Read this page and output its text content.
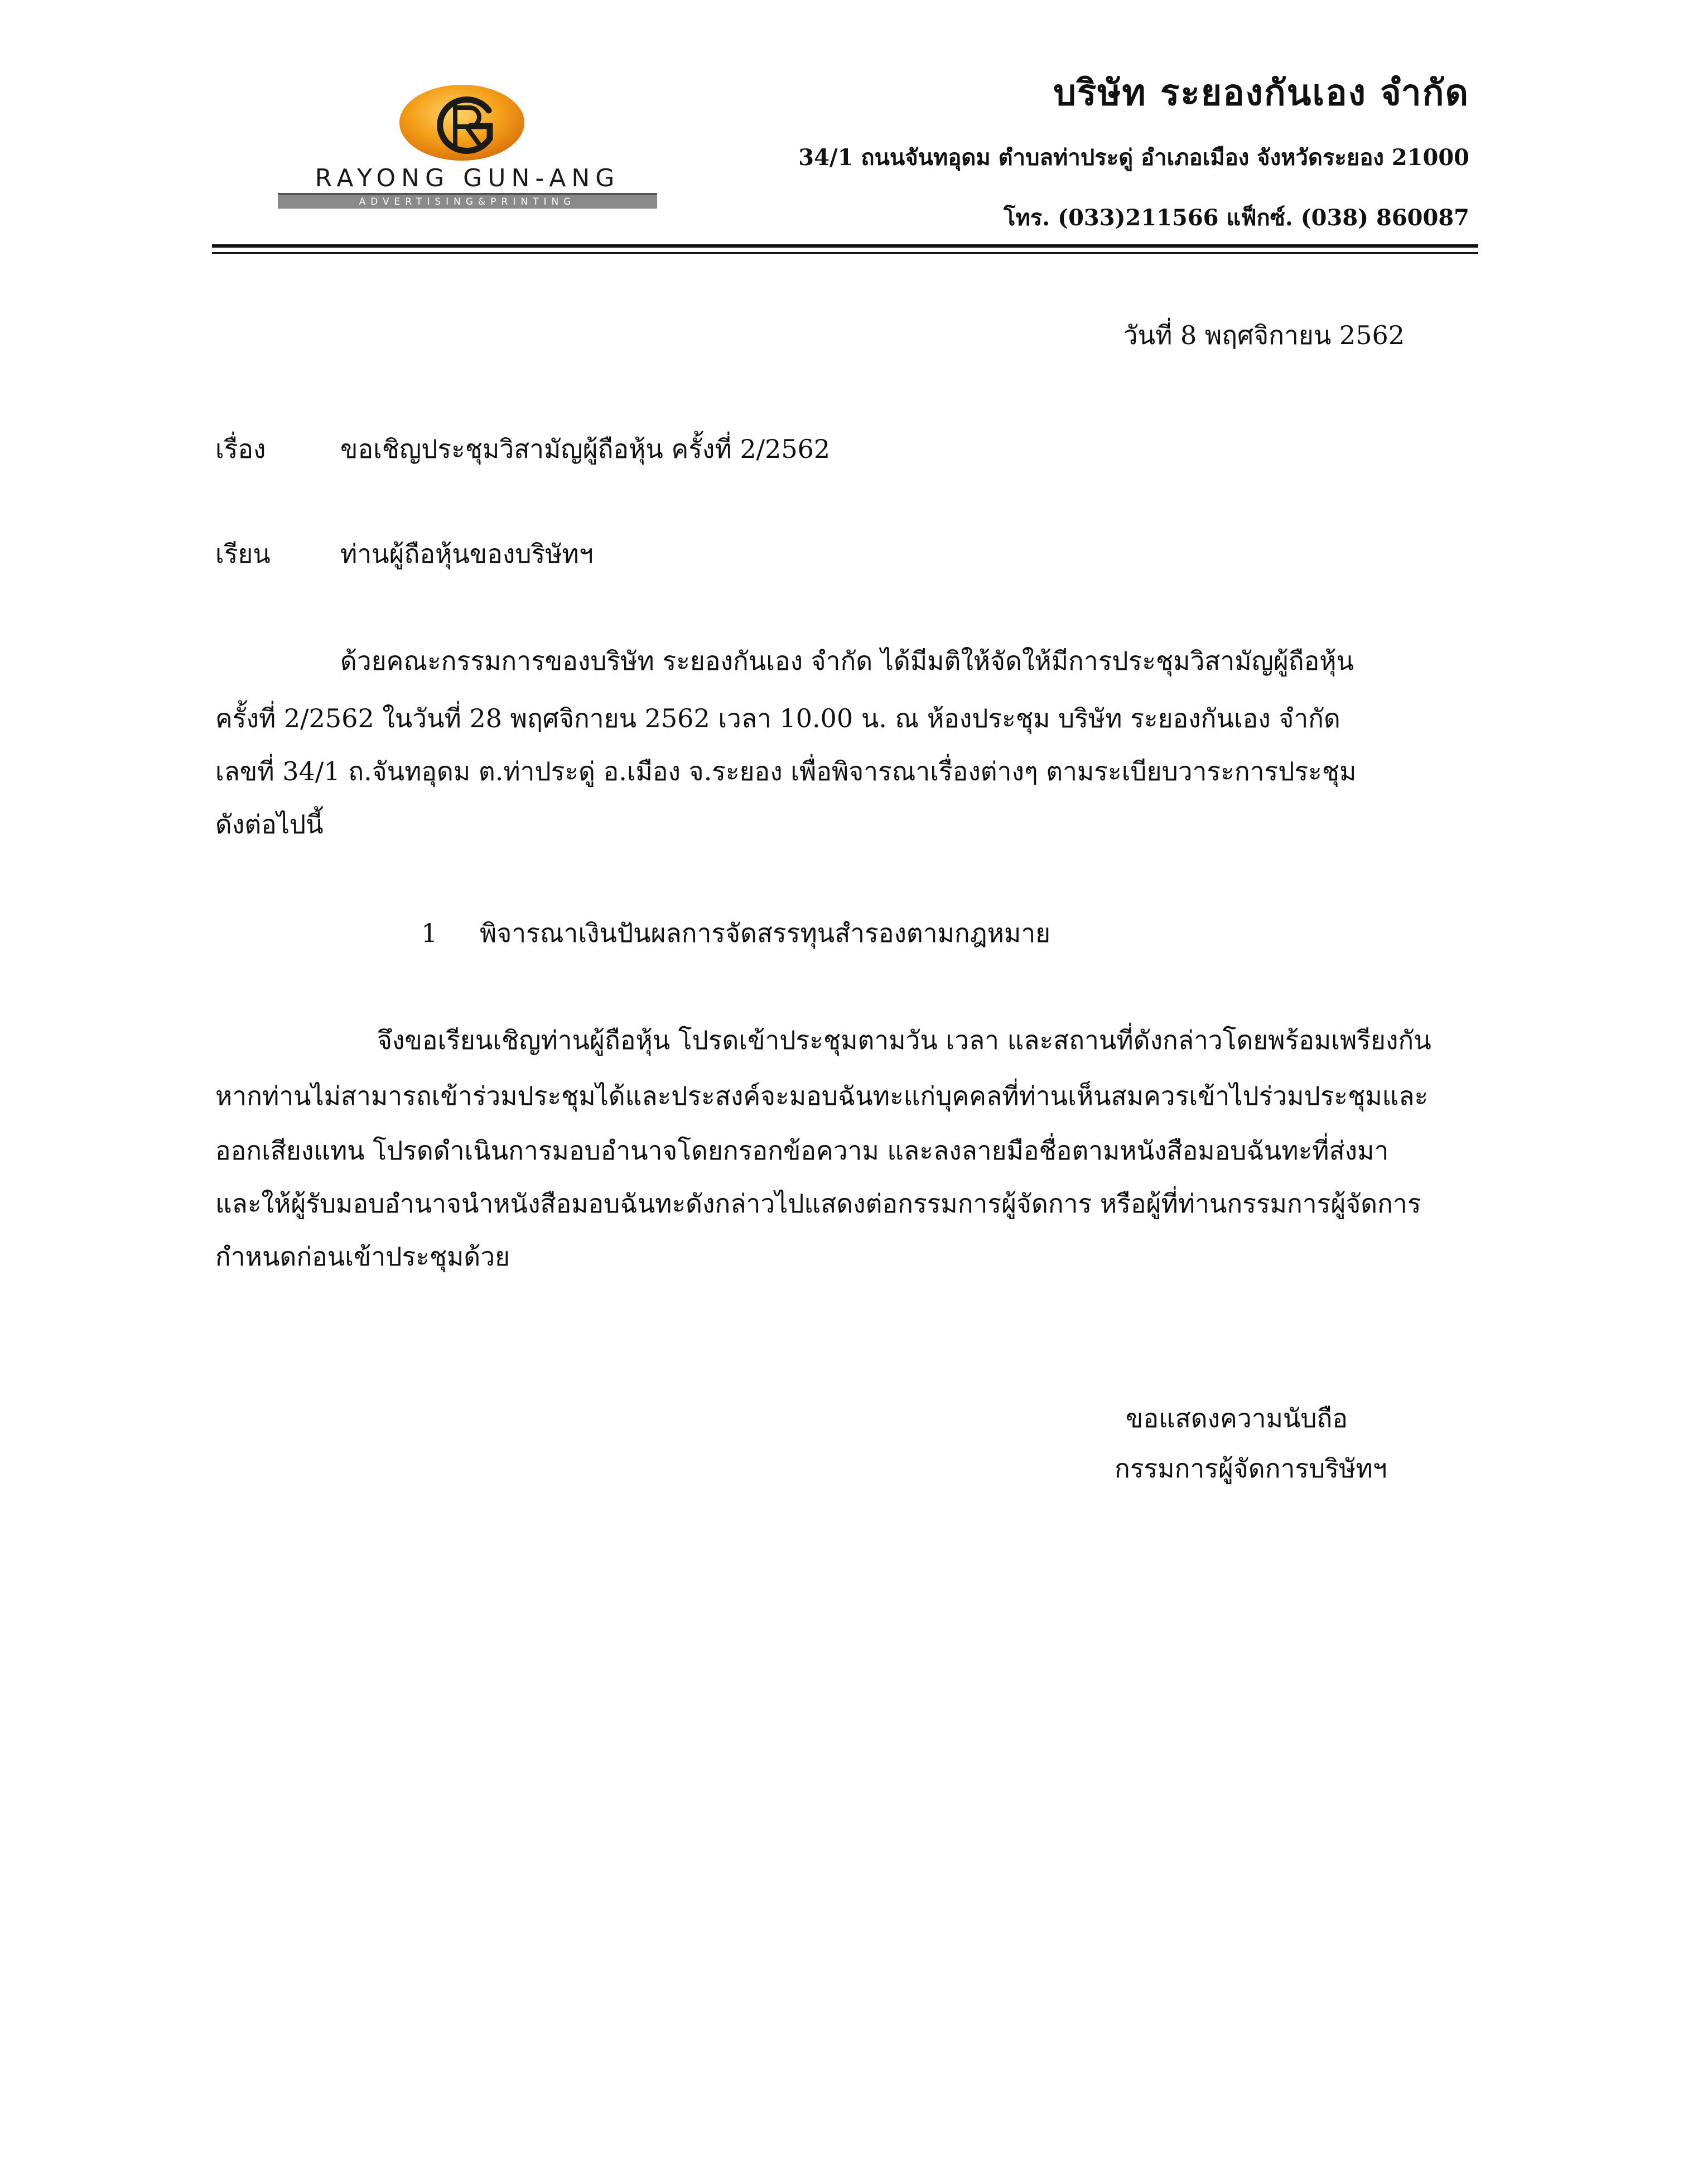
RAYONG GUN-ANG
ADVERTISING&PRINTING
บริษัท ระยองกันเอง จำกัด
34/1 ถนนจันทอุดม ตำบลท่าประดู่ อำเภอเมือง จังหวัดระยอง 21000
โทร. (033)211566 แฟ็กซ์. (038) 860087
วันที่ 8 พฤศจิกายน 2562
เรื่อง	ขอเชิญประชุมวิสามัญผู้ถือหุ้น ครั้งที่ 2/2562
เรียน	ท่านผู้ถือหุ้นของบริษัทฯ
ด้วยคณะกรรมการของบริษัท ระยองกันเอง จำกัด ได้มีมติให้จัดให้มีการประชุมวิสามัญผู้ถือหุ้น
ครั้งที่ 2/2562 ในวันที่ 28 พฤศจิกายน 2562 เวลา 10.00 น. ณ ห้องประชุม บริษัท ระยองกันเอง จำกัด
เลขที่ 34/1 ถ.จันทอุดม ต.ท่าประดู่ อ.เมือง จ.ระยอง เพื่อพิจารณาเรื่องต่างๆ ตามระเบียบวาระการประชุม
ดังต่อไปนี้
1 พิจารณาเงินปันผลการจัดสรรทุนสำรองตามกฎหมาย
จึงขอเรียนเชิญท่านผู้ถือหุ้น โปรดเข้าประชุมตามวัน เวลา และสถานที่ดังกล่าวโดยพร้อมเพรียงกัน
หากท่านไม่สามารถเข้าร่วมประชุมได้และประสงค์จะมอบฉันทะแก่บุคคลที่ท่านเห็นสมควรเข้าไปร่วมประชุมและ
ออกเสียงแทน โปรดดำเนินการมอบอำนาจโดยกรอกข้อความ และลงลายมือชื่อตามหนังสือมอบฉันทะที่ส่งมา
และให้ผู้รับมอบอำนาจนำหนังสือมอบฉันทะดังกล่าวไปแสดงต่อกรรมการผู้จัดการ หรือผู้ที่ท่านกรรมการผู้จัดการ
กำหนดก่อนเข้าประชุมด้วย
ขอแสดงความนับถือ
กรรมการผู้จัดการบริษัทฯ
